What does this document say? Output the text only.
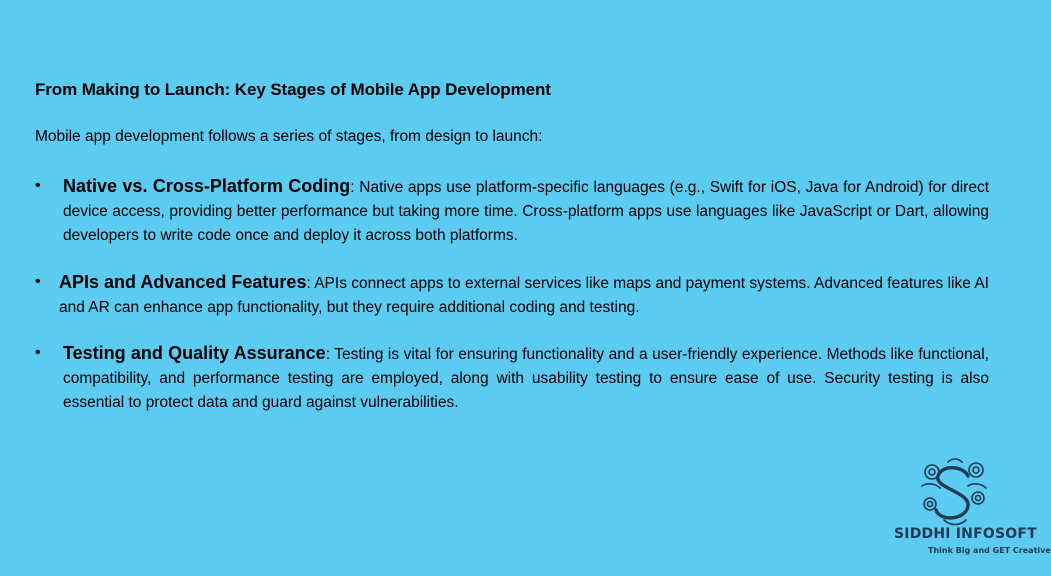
From Making to Launch: Key Stages of Mobile App Development
Mobile app development follows a series of stages, from design to launch:
• Native vs. Cross-Platform Coding: Native apps use platform-specific languages (e.g., Swift for iOS, Java for Android) for direct device access, providing better performance but taking more time. Cross-platform apps use languages like JavaScript or Dart, allowing developers to write code once and deploy it across both platforms.
• APIs and Advanced Features: APIs connect apps to external services like maps and payment systems. Advanced features like AI and AR can enhance app functionality, but they require additional coding and testing.
• Testing and Quality Assurance: Testing is vital for ensuring functionality and a user-friendly experience. Methods like functional, compatibility, and performance testing are employed, along with usability testing to ensure ease of use. Security testing is also essential to protect data and guard against vulnerabilities.
SIDDHI INFOSOFT
Think Big and GET Creative
